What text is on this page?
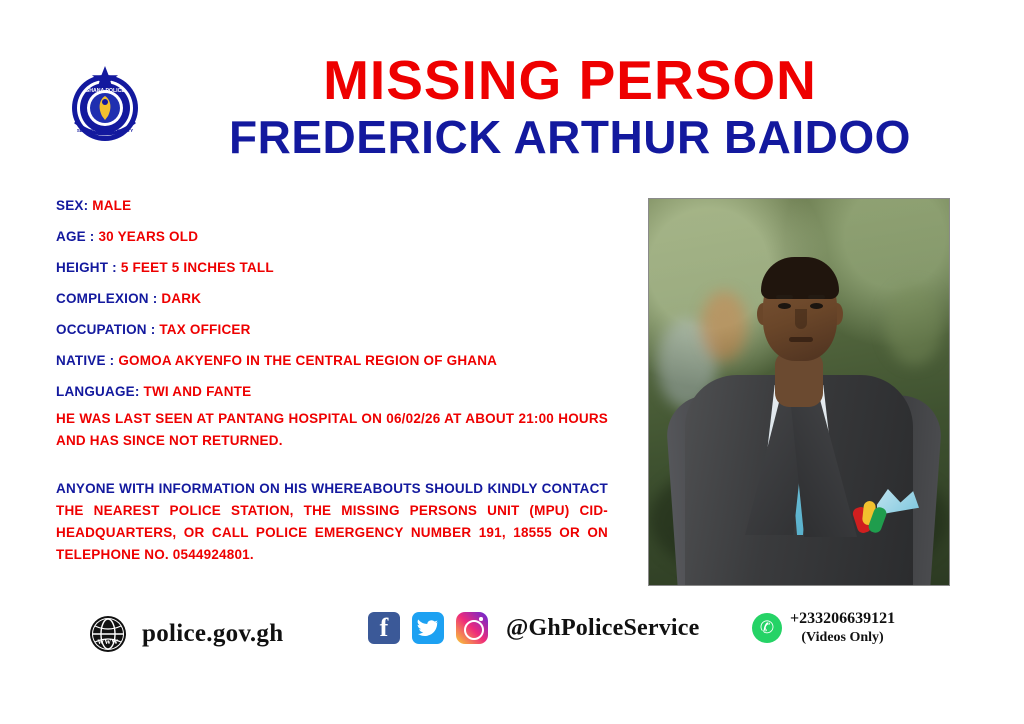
GHANA POLICE
SERVICE WITH INTEGRITY
MISSING PERSON
FREDERICK ARTHUR BAIDOO
SEX: MALE
AGE : 30 YEARS OLD
HEIGHT : 5 FEET 5 INCHES TALL
COMPLEXION : DARK
OCCUPATION : TAX OFFICER
NATIVE : GOMOA AKYENFO IN THE CENTRAL REGION OF GHANA
LANGUAGE: TWI AND FANTE
HE WAS LAST SEEN AT PANTANG HOSPITAL ON 06/02/26 AT ABOUT 21:00 HOURS AND HAS SINCE NOT RETURNED.
ANYONE WITH INFORMATION ON HIS WHEREABOUTS SHOULD KINDLY CONTACT THE NEAREST POLICE STATION, THE MISSING PERSONS UNIT (MPU) CID-HEADQUARTERS, OR CALL POLICE EMERGENCY NUMBER 191, 18555 OR ON TELEPHONE NO. 0544924801.
www police.gov.gh	f	@GhPoliceService	✆ +233206639121
(Videos Only)
